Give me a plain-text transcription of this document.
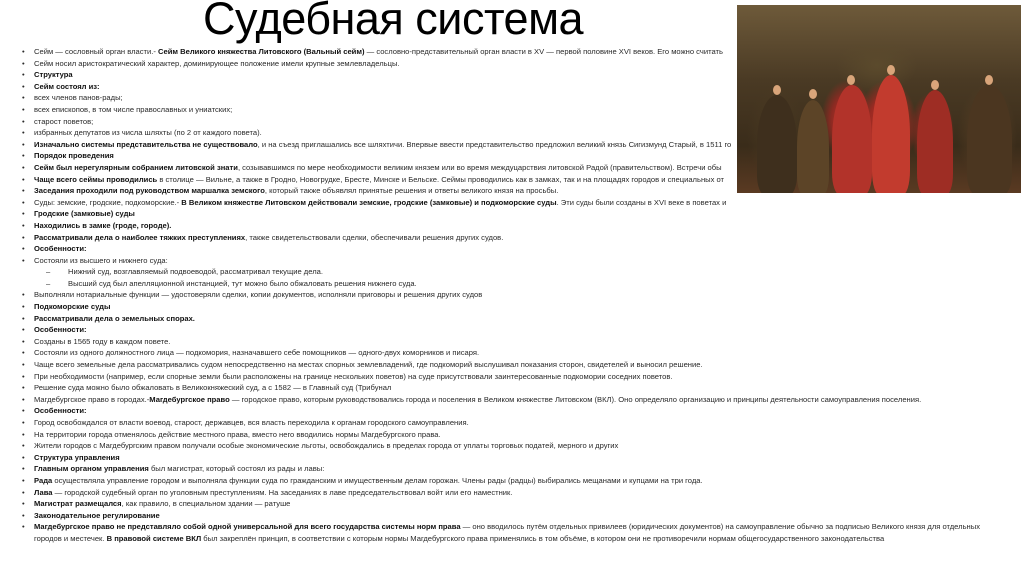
Судебная система
• Сейм — сословный орган власти.- Сейм Великого княжества Литовского (Вальный сейм) — сословно-представительный орган власти в XV — первой половине XVI веков. Его можно считать
• Сейм носил аристократический характер, доминирующее положение имели крупные землевладельцы.
• Структура
• Сейм состоял из:
• всех членов панов-рады;
• всех епископов, в том числе православных и униатских;
• старост поветов;
• избранных депутатов из числа шляхты (по 2 от каждого повета).
• Изначально системы представительства не существовало, и на съезд приглашались все шляхтичи. Впервые ввести представительство предложил великий князь Сигизмунд Старый, в 1511 го
• Порядок проведения
• Сейм был нерегулярным собранием литовской знати, созывавшимся по мере необходимости великим князем или во время междуцарствия литовской Радой (правительством). Встречи обы
• Чаще всего сеймы проводились в столице — Вильне, а также в Гродно, Новогрудке, Бресте, Минске и Бельске. Сеймы проводились как в замках, так и на площадях городов и специальных от
• Заседания проходили под руководством маршалка земского, который также объявлял принятые решения и ответы великого князя на просьбы.
• Суды: земские, гродские, подкоморские.- В Великом княжестве Литовском действовали земские, гродские (замковые) и подкоморские суды. Эти суды были созданы в XVI веке в поветах и
• Гродские (замковые) суды
• Находились в замке (гроде, городе).
• Рассматривали дела о наиболее тяжких преступлениях, также свидетельствовали сделки, обеспечивали решения других судов.
• Особенности:
• Состояли из высшего и нижнего суда:
– Нижний суд, возглавляемый подвоеводой, рассматривал текущие дела.
– Высший суд был апелляционной инстанцией, тут можно было обжаловать решения нижнего суда.
• Выполняли нотариальные функции — удостоверяли сделки, копии документов, исполняли приговоры и решения других судов
• Подкоморские суды
• Рассматривали дела о земельных спорах.
• Особенности:
• Созданы в 1565 году в каждом повете.
• Состояли из одного должностного лица — подкомория, назначавшего себе помощников — одного-двух коморников и писаря.
• Чаще всего земельные дела рассматривались судом непосредственно на местах спорных землевладений, где подкоморий выслушивал показания сторон, свидетелей и выносил решение.
• При необходимости (например, если спорные земли были расположены на границе нескольких поветов) на суде присутствовали заинтересованные подкомории соседних поветов.
• Решение суда можно было обжаловать в Великокняжеский суд, а с 1582 — в Главный суд (Трибунал
• Магдебургское право в городах.-Магдебургское право — городское право, которым руководствовались города и поселения в Великом княжестве Литовском (ВКЛ). Оно определяло организацию и принципы деятельности самоуправления поселения.
• Особенности:
• Город освобождался от власти воевод, старост, державцев, вся власть переходила к органам городского самоуправления.
• На территории города отменялось действие местного права, вместо него вводились нормы Магдебургского права.
• Жители городов с Магдебургским правом получали особые экономические льготы, освобождались в пределах города от уплаты торговых податей, мерного и других
• Структура управления
• Главным органом управления был магистрат, который состоял из рады и лавы:
• Рада осуществляла управление городом и выполняла функции суда по гражданским и имущественным делам горожан. Члены рады (радцы) выбирались мещанами и купцами на три года.
• Лава — городской судебный орган по уголовным преступлениям. На заседаниях в лаве председательствовал войт или его наместник.
• Магистрат размещался, как правило, в специальном здании — ратуше
• Законодательное регулирование
• Магдебургское право не представляло собой одной универсальной для всего государства системы норм права — оно вводилось путём отдельных привилеев (юридических документов) на самоуправление обычно за подписью Великого князя для отдельных городов и местечек. В правовой системе ВКЛ был закреплён принцип, в соответствии с которым нормы Магдебургского права применялись в том объёме, в котором они не противоречили нормам общегосударственного законодательства
